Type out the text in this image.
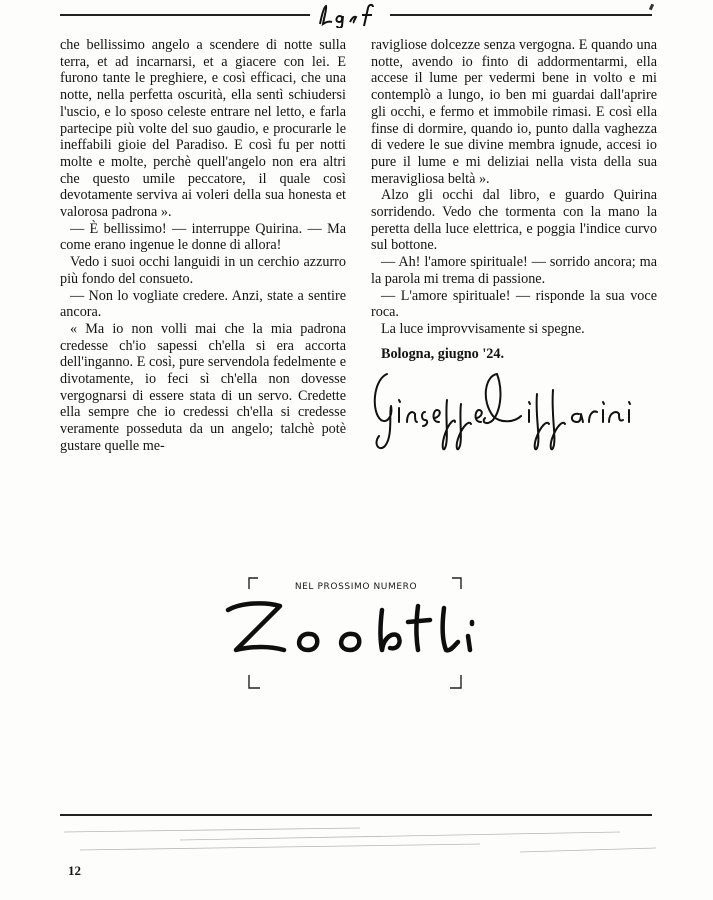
che bellissimo angelo a scendere di notte sulla terra, et ad incarnarsi, et a giacere con lei. E furono tante le preghiere, e così efficaci, che una notte, nella perfetta oscurità, ella sentì schiudersi l'uscio, e lo sposo celeste entrare nel letto, e farla partecipe più volte del suo gaudio, e procurarle le ineffabili gioie del Paradiso. E così fu per notti molte e molte, perchè quell'angelo non era altri che questo umile peccatore, il quale così devotamente serviva ai voleri della sua honesta et valorosa padrona ».

— È bellissimo! — interruppe Quirina. — Ma come erano ingenue le donne di allora!

Vedo i suoi occhi languidi in un cerchio azzurro più fondo del consueto.

— Non lo vogliate credere. Anzi, state a sentire ancora.

« Ma io non volli mai che la mia padrona credesse ch'io sapessi ch'ella si era accorta dell'inganno. E così, pure servendola fedelmente e divotamente, io feci sì ch'ella non dovesse vergognarsi di essere stata di un servo. Credette ella sempre che io credessi ch'ella si credesse veramente posseduta da un angelo; talchè potè gustare quelle me-

ravigliose dolcezze senza vergogna. E quando una notte, avendo io finto di addormentarmi, ella accese il lume per vedermi bene in volto e mi contemplò a lungo, io ben mi guardai dall'aprire gli occhi, e fermo et immobile rimasi. E così ella finse di dormire, quando io, punto dalla vaghezza di vedere le sue divine membra ignude, accesi io pure il lume e mi deliziai nella vista della sua meravigliosa beltà ».

Alzo gli occhi dal libro, e guardo Quirina sorridendo. Vedo che tormenta con la mano la peretta della luce elettrica, e poggia l'indice curvo sul bottone.

— Ah! l'amore spirituale! — sorrido ancora; ma la parola mi trema di passione.

— L'amore spirituale! — risponde la sua voce roca.

La luce improvvisamente si spegne.

Bologna, giugno '24.

NEL PROSSIMO NUMERO
12
